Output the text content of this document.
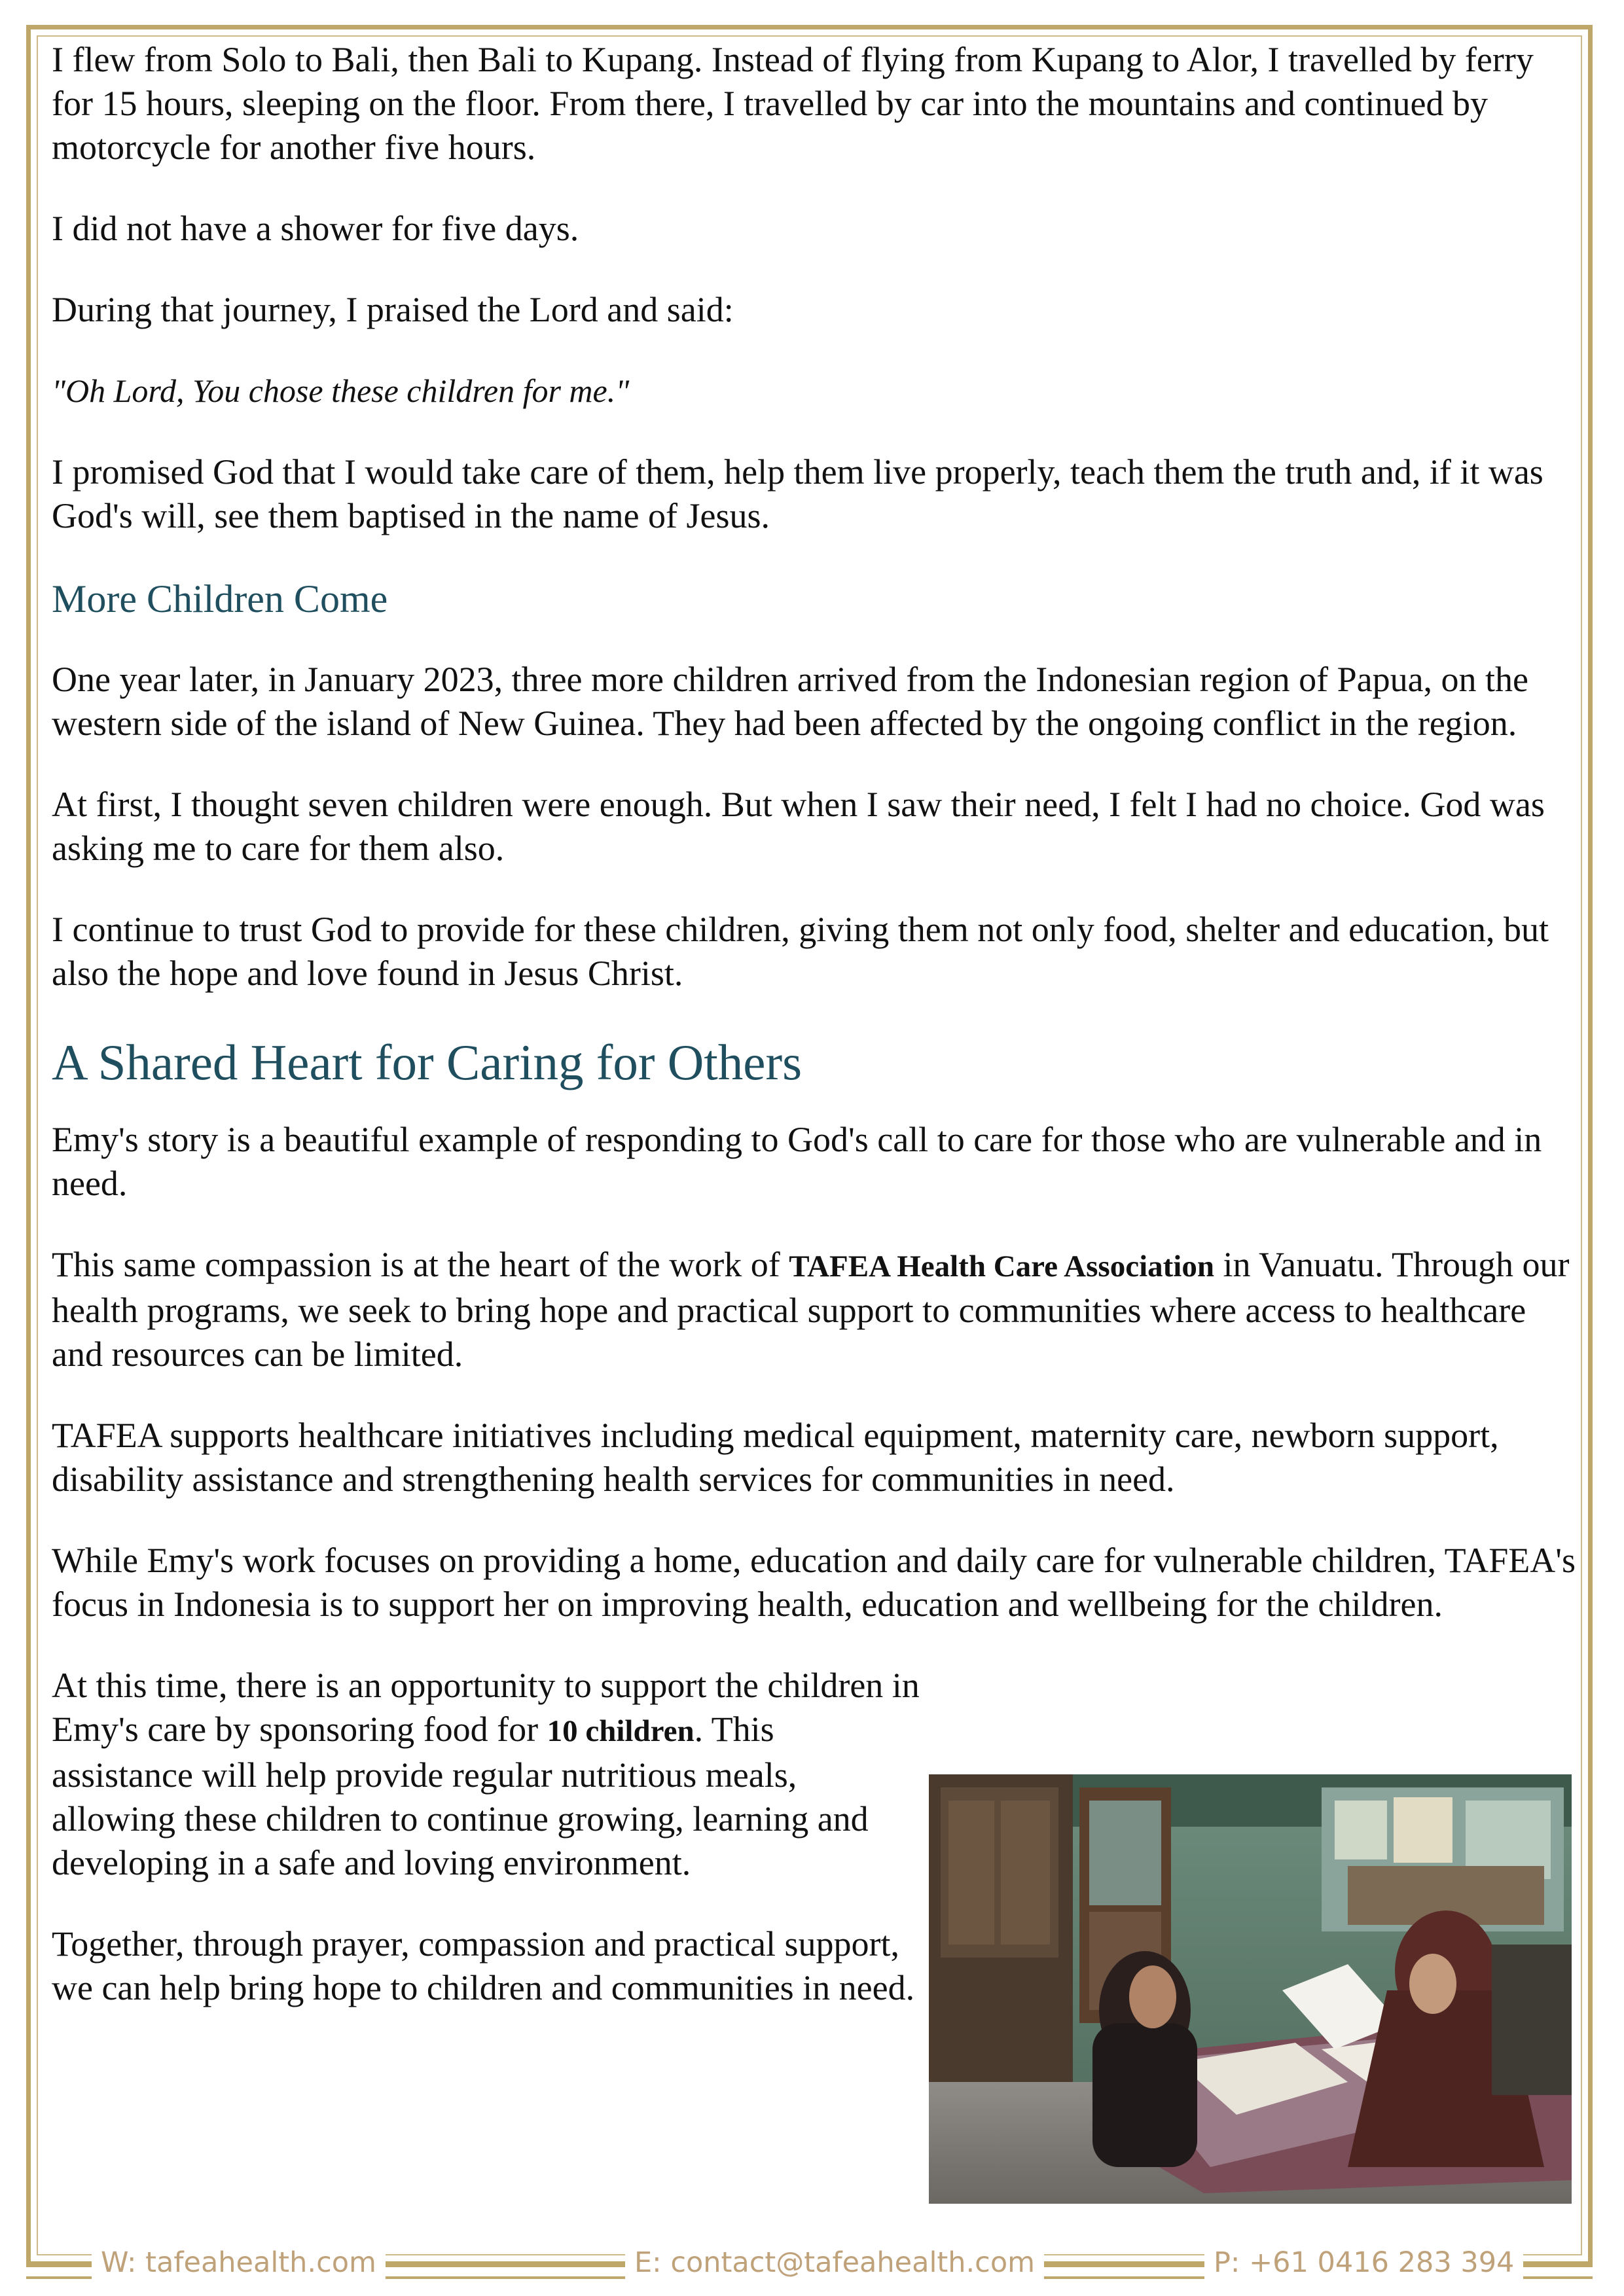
I flew from Solo to Bali, then Bali to Kupang. Instead of flying from Kupang to Alor, I travelled by ferry for 15 hours, sleeping on the floor. From there, I travelled by car into the mountains and continued by motorcycle for another five hours.

I did not have a shower for five days.

During that journey, I praised the Lord and said:

"Oh Lord, You chose these children for me."

I promised God that I would take care of them, help them live properly, teach them the truth and, if it was God's will, see them baptised in the name of Jesus.

More Children Come

One year later, in January 2023, three more children arrived from the Indonesian region of Papua, on the western side of the island of New Guinea. They had been affected by the ongoing conflict in the region.

At first, I thought seven children were enough. But when I saw their need, I felt I had no choice. God was asking me to care for them also.

I continue to trust God to provide for these children, giving them not only food, shelter and education, but also the hope and love found in Jesus Christ.

A Shared Heart for Caring for Others

Emy's story is a beautiful example of responding to God's call to care for those who are vulnerable and in need.

This same compassion is at the heart of the work of TAFEA Health Care Association in Vanuatu. Through our health programs, we seek to bring hope and practical support to communities where access to healthcare and resources can be limited.

TAFEA supports healthcare initiatives including medical equipment, maternity care, newborn support, disability assistance and strengthening health services for communities in need.

While Emy's work focuses on providing a home, education and daily care for vulnerable children, TAFEA's focus in Indonesia is to support her on improving health, education and wellbeing for the children.

At this time, there is an opportunity to support the children in Emy's care by sponsoring food for 10 children. This assistance will help provide regular nutritious meals, allowing these children to continue growing, learning and developing in a safe and loving environment.

Together, through prayer, compassion and practical support, we can help bring hope to children and communities in need.

W: tafeahealth.com	E: contact@tafeahealth.com	P: +61 0416 283 394
